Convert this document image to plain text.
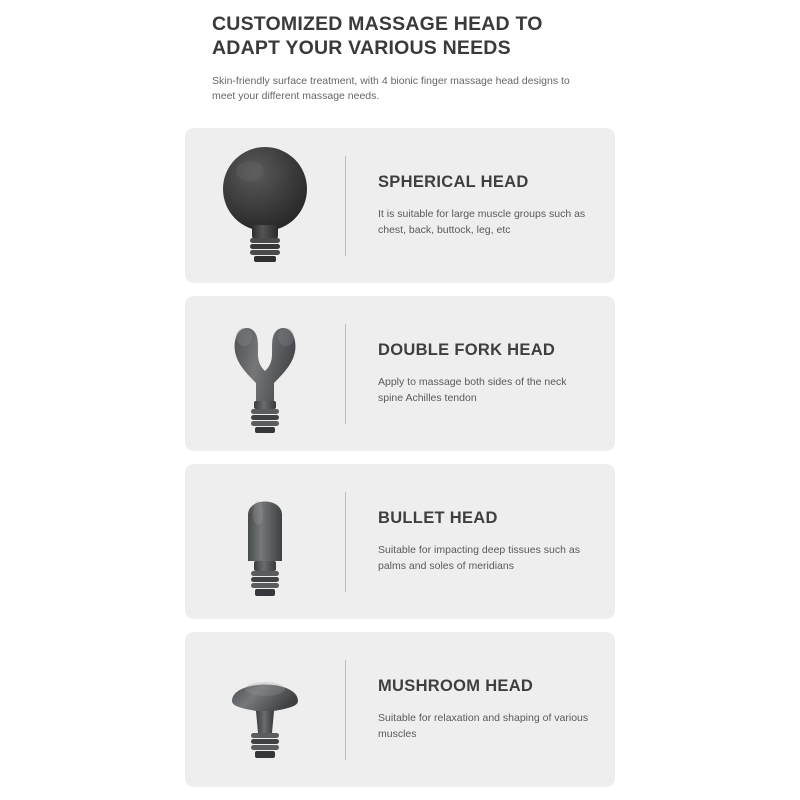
CUSTOMIZED MASSAGE HEAD TO ADAPT YOUR VARIOUS NEEDS

Skin-friendly surface treatment, with 4 bionic finger massage head designs to meet your different massage needs.

SPHERICAL HEAD

It is suitable for large muscle groups such as chest, back, buttock, leg, etc

DOUBLE FORK HEAD

Apply to massage both sides of the neck spine Achilles tendon

BULLET HEAD

Suitable for impacting deep tissues such as palms and soles of meridians

MUSHROOM HEAD

Suitable for relaxation and shaping of various muscles
